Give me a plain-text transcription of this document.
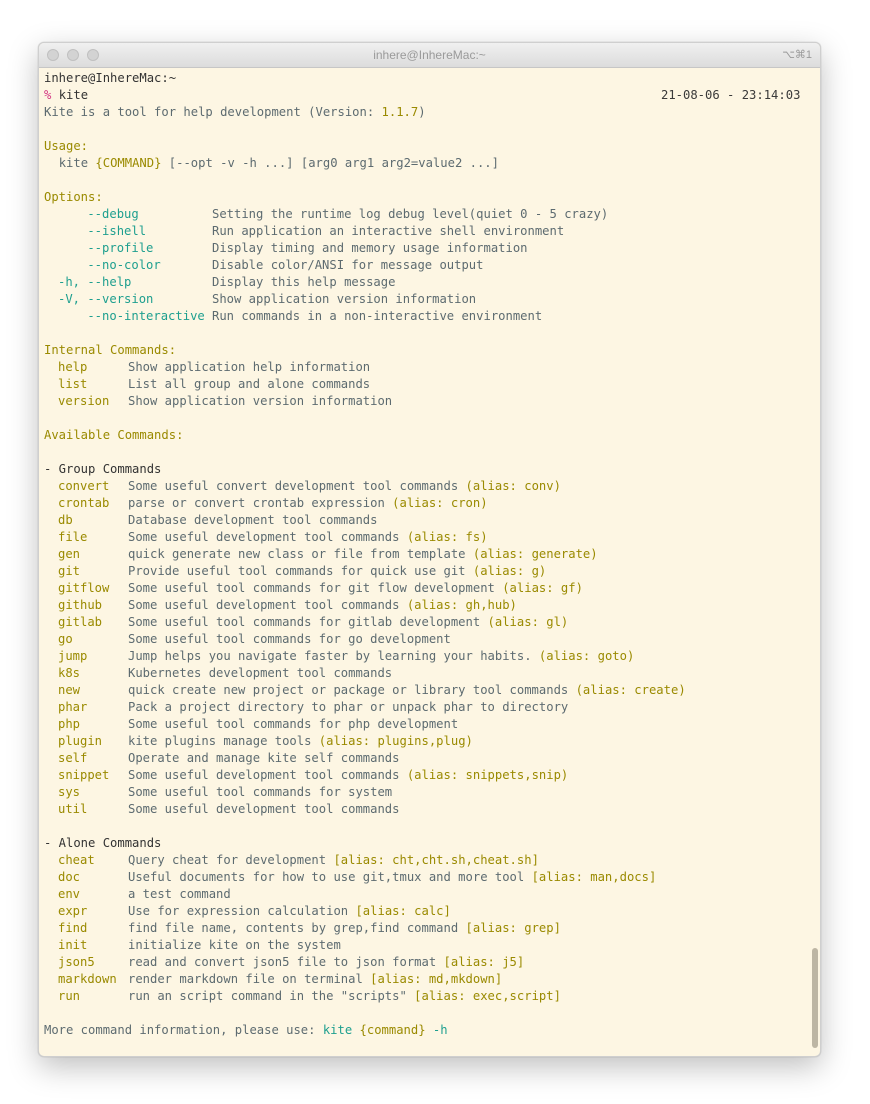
inhere@InhereMac:~	⌥⌘1
inhere@InhereMac:~
% kite	21-08-06 - 23:14:03
Kite is a tool for help development (Version: 1.1.7)
Usage:
kite {COMMAND} [--opt -v -h ...] [arg0 arg1 arg2=value2 ...]
Options:
--debug	Setting the runtime log debug level(quiet 0 - 5 crazy)
--ishell	Run application an interactive shell environment
--profile	Display timing and memory usage information
--no-color	Disable color/ANSI for message output
-h, --help	Display this help message
-V, --version	Show application version information
--no-interactive Run commands in a non-interactive environment
Internal Commands:
help	Show application help information
list	List all group and alone commands
version Show application version information
Available Commands:
- Group Commands
convert Some useful convert development tool commands (alias: conv)
crontab parse or convert crontab expression (alias: cron)
db	Database development tool commands
file	Some useful development tool commands (alias: fs)
gen	quick generate new class or file from template (alias: generate)
git	Provide useful tool commands for quick use git (alias: g)
gitflow Some useful tool commands for git flow development (alias: gf)
github Some useful development tool commands (alias: gh,hub)
gitlab Some useful tool commands for gitlab development (alias: gl)
go	Some useful tool commands for go development
jump	Jump helps you navigate faster by learning your habits. (alias: goto)
k8s	Kubernetes development tool commands
new	quick create new project or package or library tool commands (alias: create)
phar	Pack a project directory to phar or unpack phar to directory
php	Some useful tool commands for php development
plugin kite plugins manage tools (alias: plugins,plug)
self	Operate and manage kite self commands
snippet Some useful development tool commands (alias: snippets,snip)
sys	Some useful tool commands for system
util	Some useful development tool commands
- Alone Commands
cheat	Query cheat for development [alias: cht,cht.sh,cheat.sh]
doc	Useful documents for how to use git,tmux and more tool [alias: man,docs]
env	a test command
expr	Use for expression calculation [alias: calc]
find	find file name, contents by grep,find command [alias: grep]
init	initialize kite on the system
json5	read and convert json5 file to json format [alias: j5]
markdown render markdown file on terminal [alias: md,mkdown]
run	run an script command in the "scripts" [alias: exec,script]
More command information, please use: kite {command} -h
